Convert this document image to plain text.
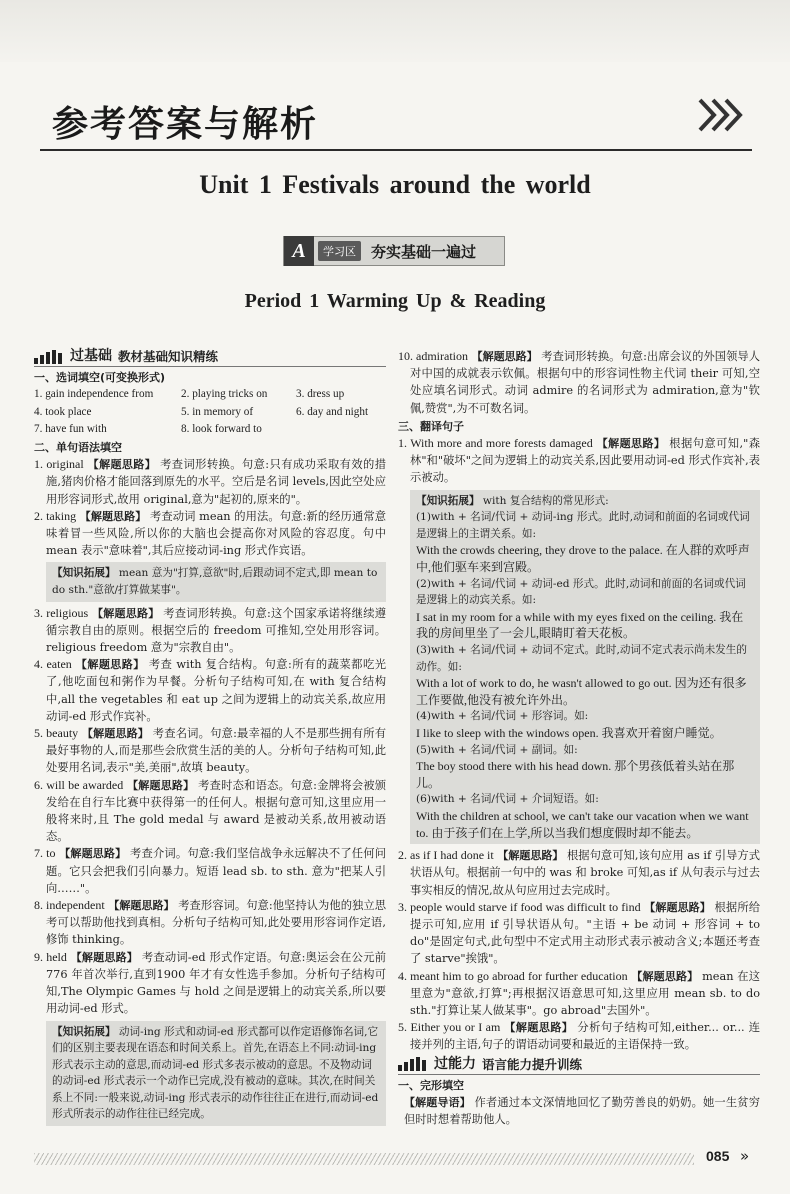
参考答案与解析
Unit 1 Festivals around the world
A	学习区	夯实基础一遍过
Period 1 Warming Up & Reading
过基础 教材基础知识精练
一、选词填空(可变换形式)
1. gain independence from	2. playing tricks on	3. dress up
4. took place	5. in memory of	6. day and night
7. have fun with	8. look forward to
二、单句语法填空
1. original 【解题思路】 考查词形转换。句意:只有成功采取有效的措施,猪肉价格才能回落到原先的水平。空后是名词 levels,因此空处应用形容词形式,故用 original,意为"起初的,原来的"。
2. taking 【解题思路】 考查动词 mean 的用法。句意:新的经历通常意味着冒一些风险,所以你的大脑也会提高你对风险的容忍度。句中 mean 表示"意味着",其后应接动词-ing 形式作宾语。
【知识拓展】 mean 意为"打算,意欲"时,后跟动词不定式,即 mean to do sth."意欲/打算做某事"。
3. religious 【解题思路】 考查词形转换。句意:这个国家承诺将继续遵循宗教自由的原则。根据空后的 freedom 可推知,空处用形容词。religious freedom 意为"宗教自由"。
4. eaten 【解题思路】 考查 with 复合结构。句意:所有的蔬菜都吃光了,他吃面包和粥作为早餐。分析句子结构可知,在 with 复合结构中,all the vegetables 和 eat up 之间为逻辑上的动宾关系,故应用动词-ed 形式作宾补。
5. beauty 【解题思路】 考查名词。句意:最幸福的人不是那些拥有所有最好事物的人,而是那些会欣赏生活的美的人。分析句子结构可知,此处要用名词,表示"美,美丽",故填 beauty。
6. will be awarded 【解题思路】 考查时态和语态。句意:金牌将会被颁发给在自行车比赛中获得第一的任何人。根据句意可知,这里应用一般将来时,且 The gold medal 与 award 是被动关系,故用被动语态。
7. to 【解题思路】 考查介词。句意:我们坚信战争永远解决不了任何问题。它只会把我们引向暴力。短语 lead sb. to sth. 意为"把某人引向……"。
8. independent 【解题思路】 考查形容词。句意:他坚持认为他的独立思考可以帮助他找到真相。分析句子结构可知,此处要用形容词作定语,修饰 thinking。
9. held 【解题思路】 考查动词-ed 形式作定语。句意:奥运会在公元前776 年首次举行,直到1900 年才有女性选手参加。分析句子结构可知,The Olympic Games 与 hold 之间是逻辑上的动宾关系,所以要用动词-ed 形式。
【知识拓展】 动词-ing 形式和动词-ed 形式都可以作定语修饰名词,它们的区别主要表现在语态和时间关系上。首先,在语态上不同:动词-ing 形式表示主动的意思,而动词-ed 形式多表示被动的意思。不及物动词的动词-ed 形式表示一个动作已完成,没有被动的意味。其次,在时间关系上不同:一般来说,动词-ing 形式表示的动作往往正在进行,而动词-ed 形式所表示的动作往往已经完成。
10. admiration 【解题思路】 考查词形转换。句意:出席会议的外国领导人对中国的成就表示钦佩。根据句中的形容词性物主代词 their 可知,空处应填名词形式。动词 admire 的名词形式为 admiration,意为"钦佩,赞赏",为不可数名词。
三、翻译句子
1. With more and more forests damaged 【解题思路】 根据句意可知,"森林"和"破坏"之间为逻辑上的动宾关系,因此要用动词-ed 形式作宾补,表示被动。
【知识拓展】 with 复合结构的常见形式:
(1)with + 名词/代词 + 动词-ing 形式。此时,动词和前面的名词或代词是逻辑上的主谓关系。如:
With the crowds cheering, they drove to the palace. 在人群的欢呼声中,他们驱车来到宫殿。
(2)with + 名词/代词 + 动词-ed 形式。此时,动词和前面的名词或代词是逻辑上的动宾关系。如:
I sat in my room for a while with my eyes fixed on the ceiling. 我在我的房间里坐了一会儿,眼睛盯着天花板。
(3)with + 名词/代词 + 动词不定式。此时,动词不定式表示尚未发生的动作。如:
With a lot of work to do, he wasn't allowed to go out. 因为还有很多工作要做,他没有被允许外出。
(4)with + 名词/代词 + 形容词。如:
I like to sleep with the windows open. 我喜欢开着窗户睡觉。
(5)with + 名词/代词 + 副词。如:
The boy stood there with his head down. 那个男孩低着头站在那儿。
(6)with + 名词/代词 + 介词短语。如:
With the children at school, we can't take our vacation when we want to. 由于孩子们在上学,所以当我们想度假时却不能去。
2. as if I had done it 【解题思路】 根据句意可知,该句应用 as if 引导方式状语从句。根据前一句中的 was 和 broke 可知,as if 从句表示与过去事实相反的情况,故从句应用过去完成时。
3. people would starve if food was difficult to find 【解题思路】 根据所给提示可知,应用 if 引导状语从句。"主语 + be 动词 + 形容词 + to do"是固定句式,此句型中不定式用主动形式表示被动含义;本题还考查了 starve"挨饿"。
4. meant him to go abroad for further education 【解题思路】 mean 在这里意为"意欲,打算";再根据汉语意思可知,这里应用 mean sb. to do sth."打算让某人做某事"。go abroad"去国外"。
5. Either you or I am 【解题思路】 分析句子结构可知,either... or... 连接并列的主语,句子的谓语动词要和最近的主语保持一致。
过能力 语言能力提升训练
一、完形填空
【解题导语】 作者通过本文深情地回忆了勤劳善良的奶奶。她一生贫穷但时时想着帮助他人。
085 »
